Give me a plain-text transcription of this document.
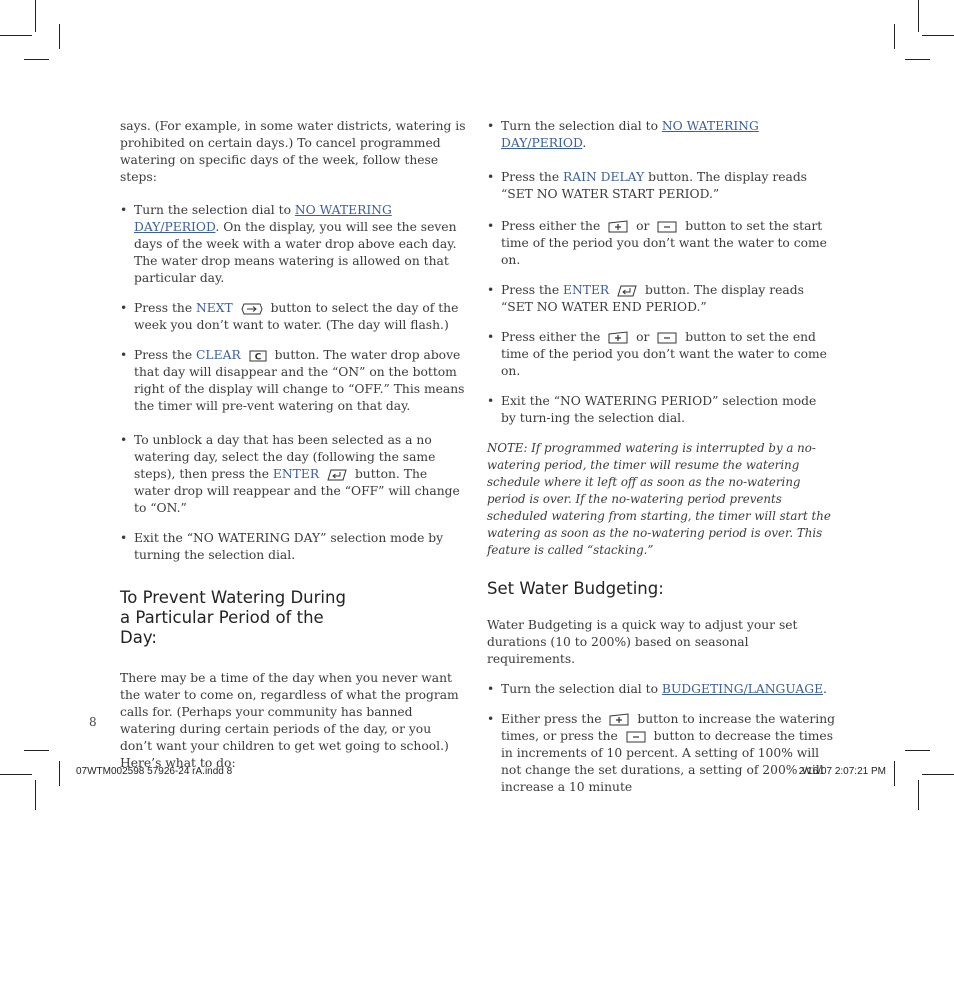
says. (For example, in some water districts, watering is prohibited on certain days.) To cancel programmed watering on specific days of the week, follow these steps:

• Turn the selection dial to NO WATERING DAY/PERIOD. On the display, you will see the seven days of the week with a water drop above each day. The water drop means watering is allowed on that particular day.

• Press the NEXT	button to select the day of the week you don’t want to water. (The day will flash.)

• Press the CLEAR C button. The water drop above that day will disappear and the “ON” on the bottom right of the display will change to “OFF.” This means the timer will pre-vent watering on that day.

• To unblock a day that has been selected as a no watering day, select the day (following the same steps), then press the ENTER	button. The water drop will reappear and the “OFF” will change to “ON.”

• Exit the “NO WATERING DAY” selection mode by turning the selection dial.

To Prevent Watering During a Particular Period of the Day:

There may be a time of the day when you never want the water to come on, regardless of what the program calls for. (Perhaps your community has banned watering during certain periods of the day, or you don’t want your children to get wet going to school.) Here’s what to do:

• Turn the selection dial to NO WATERING DAY/PERIOD.

• Press the RAIN DELAY button. The display reads “SET NO WATER START PERIOD.”

• Press either the	or	button to set the start time of the period you don’t want the water to come on.

• Press the ENTER	button. The display reads “SET NO WATER END PERIOD.”

• Press either the	or	button to set the end time of the period you don’t want the water to come on.

• Exit the “NO WATERING PERIOD” selection mode by turn-ing the selection dial.

NOTE: If programmed watering is interrupted by a no-watering period, the timer will resume the watering schedule where it left off as soon as the no-watering period is over. If the no-watering period prevents scheduled watering from starting, the timer will start the watering as soon as the no-watering period is over. This feature is called “stacking.”

Set Water Budgeting:

Water Budgeting is a quick way to adjust your set durations (10 to 200%) based on seasonal requirements.

• Turn the selection dial to BUDGETING/LANGUAGE.

• Either press the	button to increase the watering times, or press the	button to decrease the times in increments of 10 percent. A setting of 100% will not change the set durations, a setting of 200% will increase a 10 minute

8
07WTM002598 57926-24 rA.indd 8	2/16/07 2:07:21 PM
